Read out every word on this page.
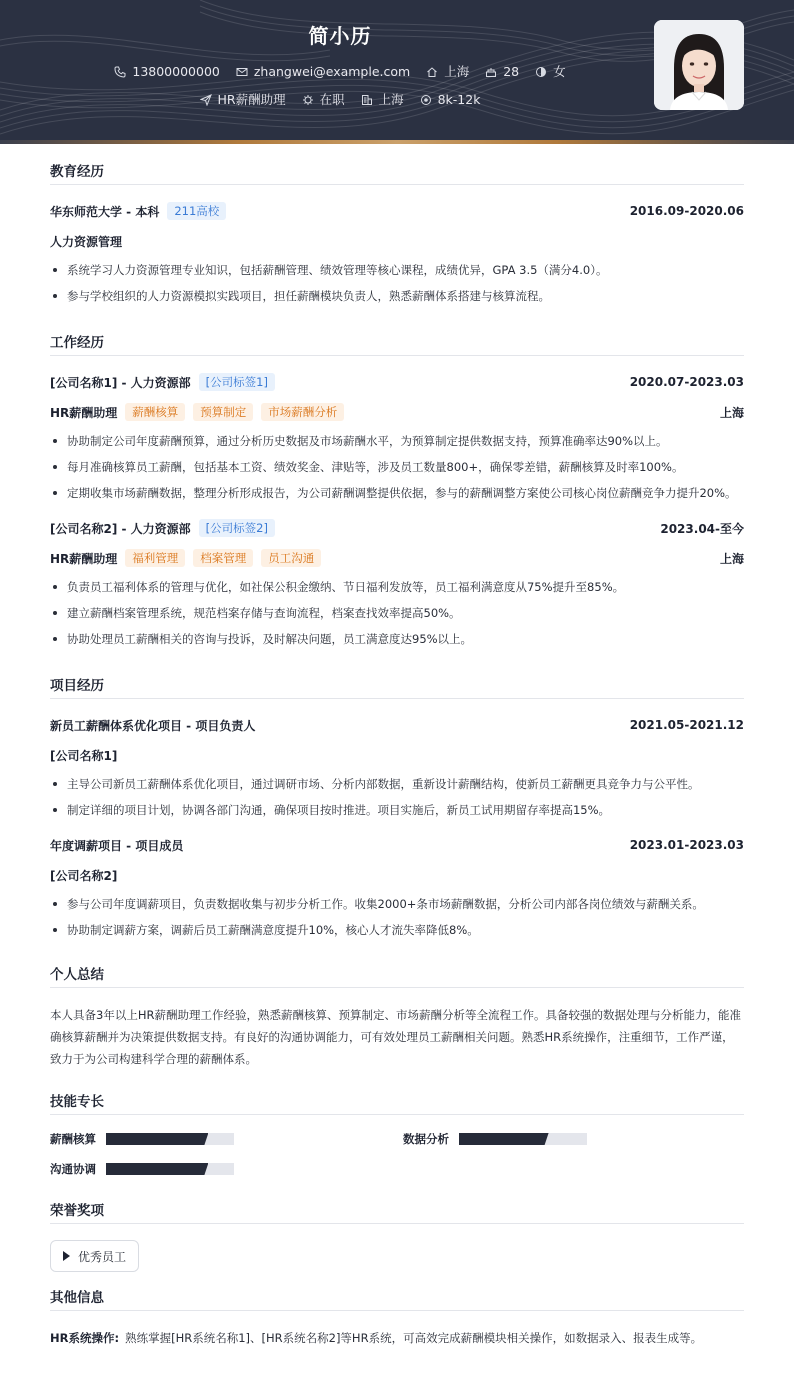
简小历
13800000000	zhangwei@example.com	上海	28	女
HR薪酬助理	在职	上海	8k-12k
教育经历
华东师范大学 - 本科	211高校	2016.09-2020.06
人力资源管理
系统学习人力资源管理专业知识，包括薪酬管理、绩效管理等核心课程，成绩优异，GPA 3.5（满分4.0）。
参与学校组织的人力资源模拟实践项目，担任薪酬模块负责人，熟悉薪酬体系搭建与核算流程。
工作经历
[公司名称1] - 人力资源部	[公司标签1]	2020.07-2023.03
HR薪酬助理	薪酬核算	预算制定	市场薪酬分析	上海
协助制定公司年度薪酬预算，通过分析历史数据及市场薪酬水平，为预算制定提供数据支持，预算准确率达90%以上。
每月准确核算员工薪酬，包括基本工资、绩效奖金、津贴等，涉及员工数量800+，确保零差错，薪酬核算及时率100%。
定期收集市场薪酬数据，整理分析形成报告，为公司薪酬调整提供依据，参与的薪酬调整方案使公司核心岗位薪酬竞争力提升20%。
[公司名称2] - 人力资源部	[公司标签2]	2023.04-至今
HR薪酬助理	福利管理	档案管理	员工沟通	上海
负责员工福利体系的管理与优化，如社保公积金缴纳、节日福利发放等，员工福利满意度从75%提升至85%。
建立薪酬档案管理系统，规范档案存储与查询流程，档案查找效率提高50%。
协助处理员工薪酬相关的咨询与投诉，及时解决问题，员工满意度达95%以上。
项目经历
新员工薪酬体系优化项目 - 项目负责人	2021.05-2021.12
[公司名称1]
主导公司新员工薪酬体系优化项目，通过调研市场、分析内部数据，重新设计薪酬结构，使新员工薪酬更具竞争力与公平性。
制定详细的项目计划，协调各部门沟通，确保项目按时推进。项目实施后，新员工试用期留存率提高15%。
年度调薪项目 - 项目成员	2023.01-2023.03
[公司名称2]
参与公司年度调薪项目，负责数据收集与初步分析工作。收集2000+条市场薪酬数据，分析公司内部各岗位绩效与薪酬关系。
协助制定调薪方案，调薪后员工薪酬满意度提升10%，核心人才流失率降低8%。
个人总结
本人具备3年以上HR薪酬助理工作经验，熟悉薪酬核算、预算制定、市场薪酬分析等全流程工作。具备较强的数据处理与分析能力，能准确核算薪酬并为决策提供数据支持。有良好的沟通协调能力，可有效处理员工薪酬相关问题。熟悉HR系统操作，注重细节，工作严谨，致力于为公司构建科学合理的薪酬体系。
技能专长
薪酬核算	数据分析
沟通协调
荣誉奖项
优秀员工
其他信息
HR系统操作: 熟练掌握[HR系统名称1]、[HR系统名称2]等HR系统，可高效完成薪酬模块相关操作，如数据录入、报表生成等。
